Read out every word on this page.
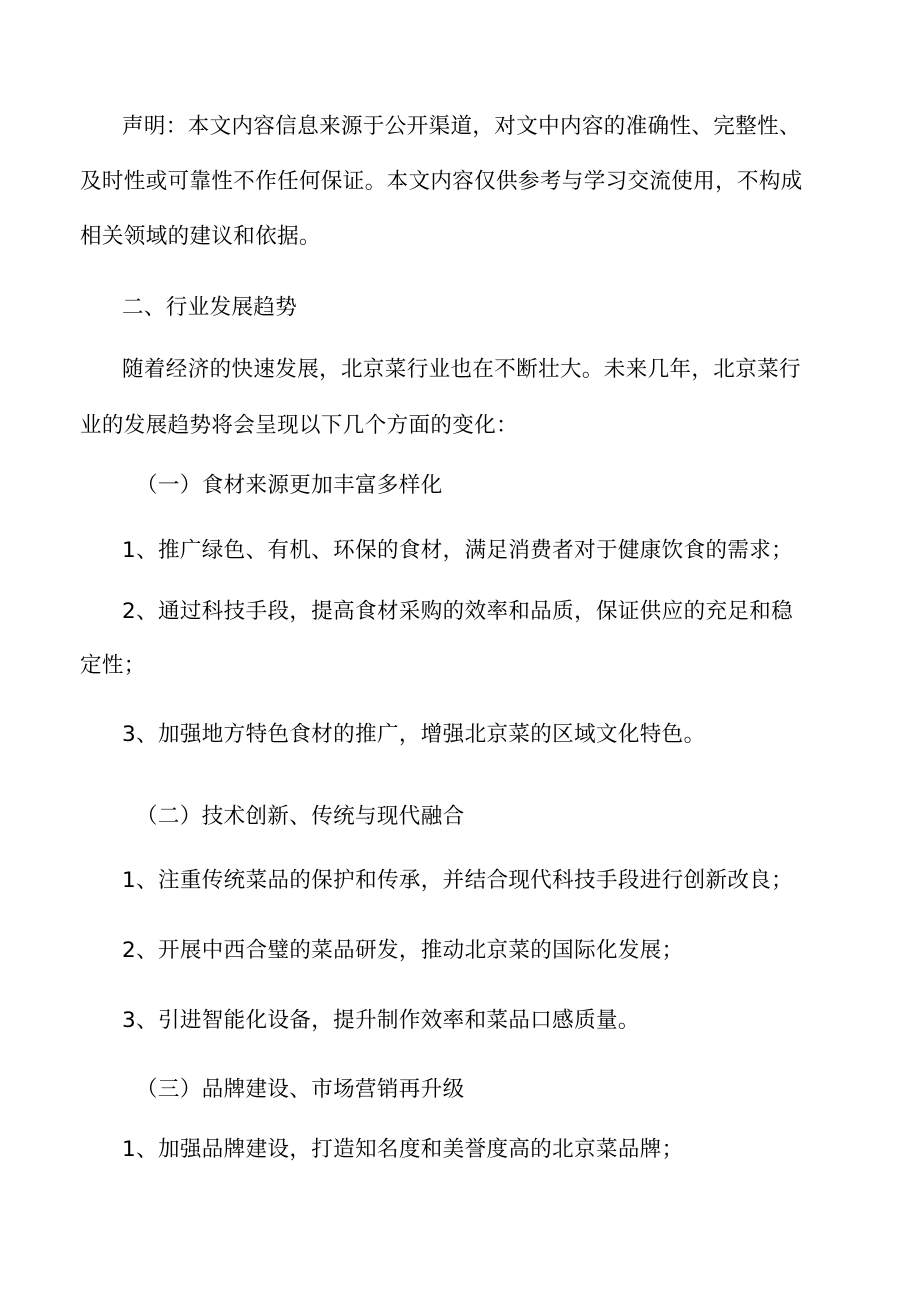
声明：本文内容信息来源于公开渠道，对文中内容的准确性、完整性、
及时性或可靠性不作任何保证。本文内容仅供参考与学习交流使用，不构成
相关领域的建议和依据。
二、行业发展趋势
随着经济的快速发展，北京菜行业也在不断壮大。未来几年，北京菜行
业的发展趋势将会呈现以下几个方面的变化：
（一）食材来源更加丰富多样化
1、推广绿色、有机、环保的食材，满足消费者对于健康饮食的需求；
2、通过科技手段，提高食材采购的效率和品质，保证供应的充足和稳
定性；
3、加强地方特色食材的推广，增强北京菜的区域文化特色。
（二）技术创新、传统与现代融合
1、注重传统菜品的保护和传承，并结合现代科技手段进行创新改良；
2、开展中西合璧的菜品研发，推动北京菜的国际化发展；
3、引进智能化设备，提升制作效率和菜品口感质量。
（三）品牌建设、市场营销再升级
1、加强品牌建设，打造知名度和美誉度高的北京菜品牌；
